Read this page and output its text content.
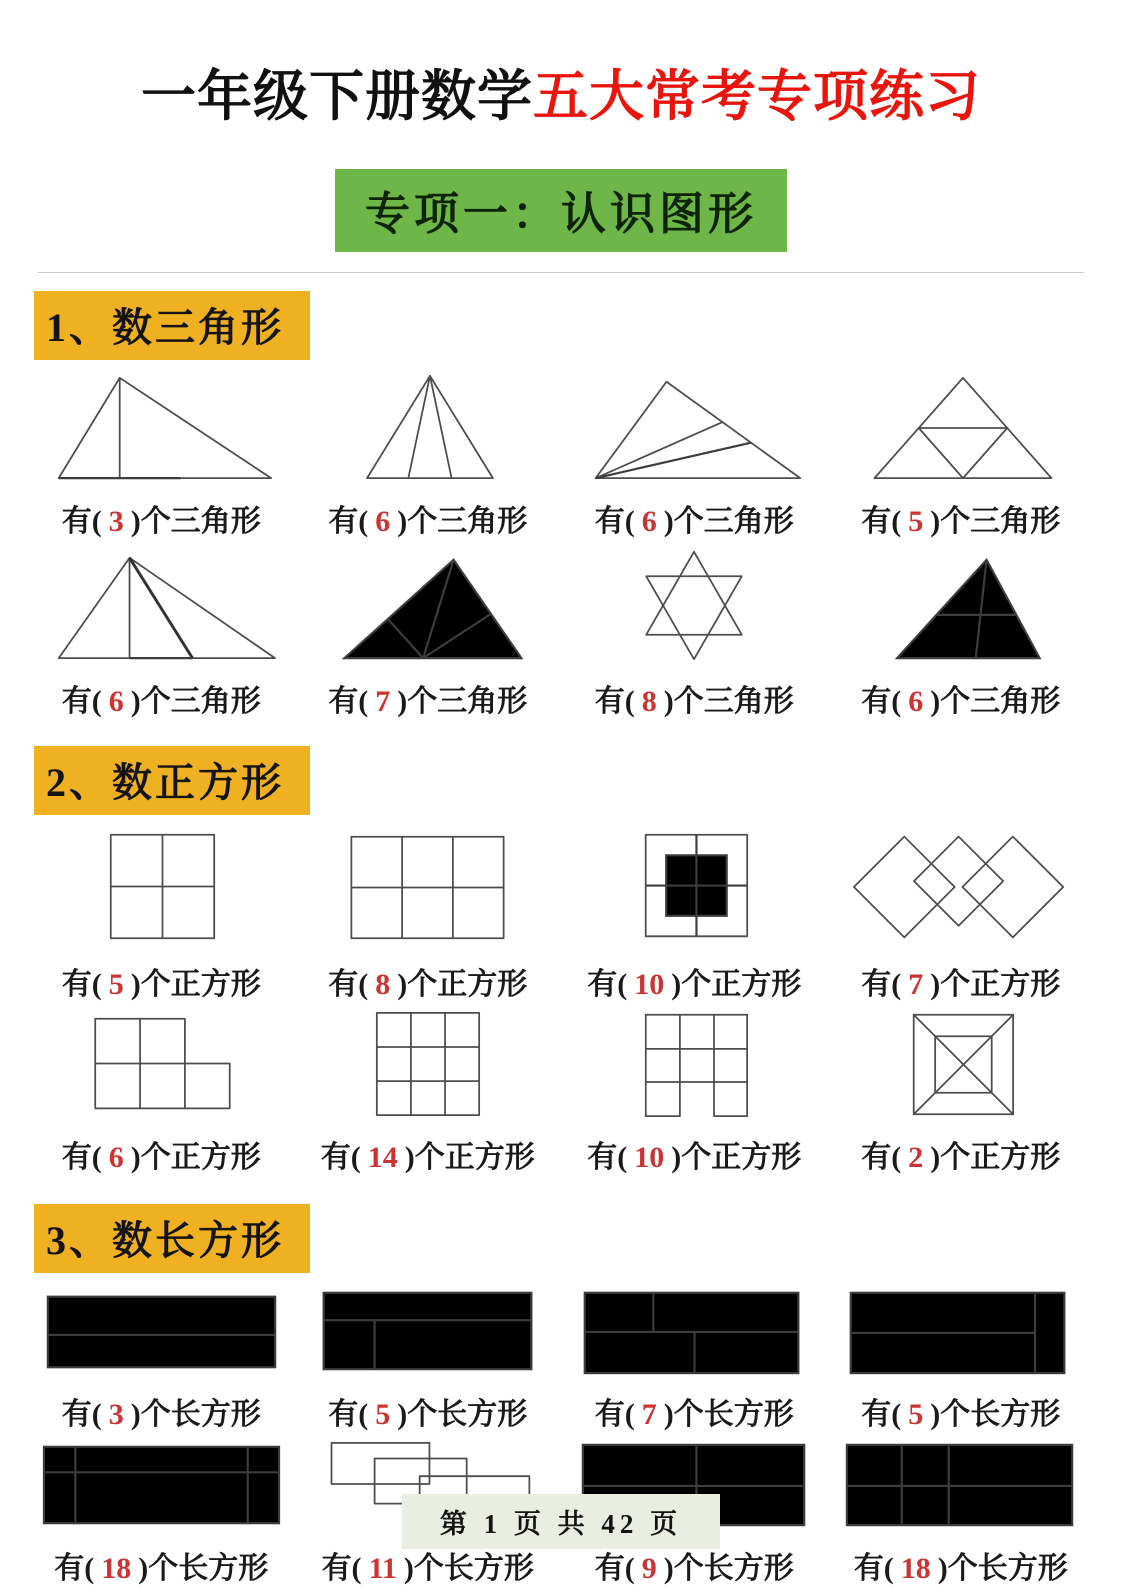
一年级下册数学五大常考专项练习
专项一：认识图形
1、数三角形
有( 3 )个三角形 有( 6 )个三角形 有( 6 )个三角形 有( 5 )个三角形
有( 6 )个三角形 有( 7 )个三角形 有( 8 )个三角形 有( 6 )个三角形
2、数正方形
有( 5 )个正方形 有( 8 )个正方形 有( 10 )个正方形 有( 7 )个正方形
有( 6 )个正方形 有( 14 )个正方形 有( 10 )个正方形 有( 2 )个正方形
3、数长方形
有( 3 )个长方形 有( 5 )个长方形 有( 7 )个长方形 有( 5 )个长方形
有( 18 )个长方形 有( 11 )个长方形 有( 9 )个长方形 有( 18 )个长方形
第 1 页 共 42 页
